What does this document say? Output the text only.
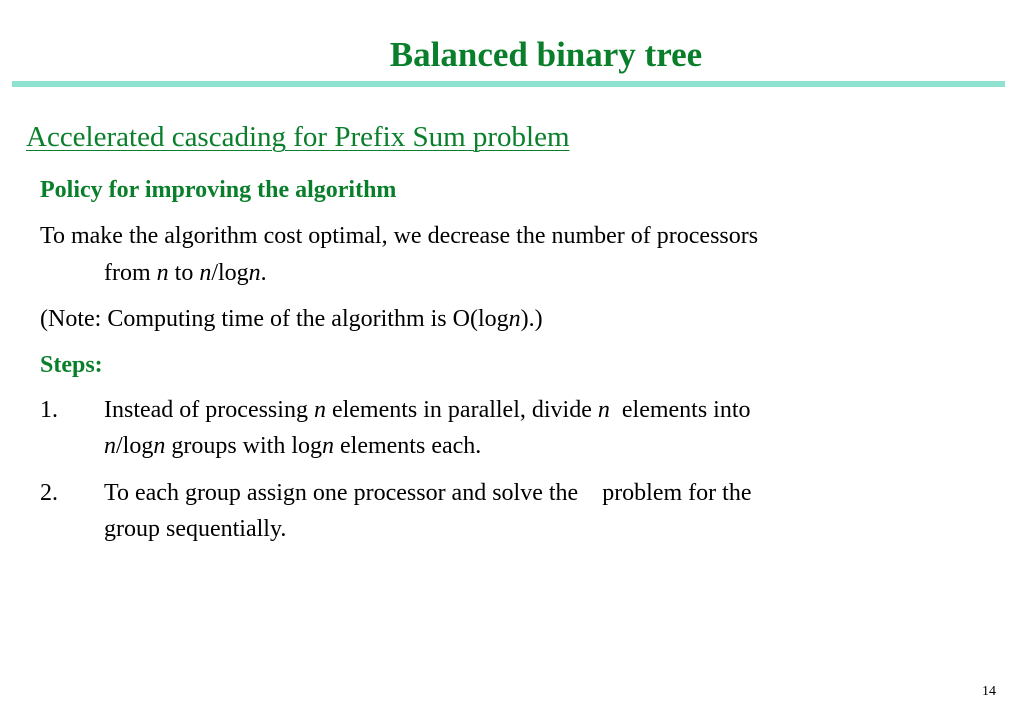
Balanced binary tree
Accelerated cascading for Prefix Sum problem
Policy for improving the algorithm
To make the algorithm cost optimal, we decrease the number of processors
from n to n/logn.
(Note: Computing time of the algorithm is O(logn).)
Steps:
1. Instead of processing n elements in parallel, divide n  elements into
n/logn groups with logn elements each.
2. To each group assign one processor and solve the    problem for the
group sequentially.
14
